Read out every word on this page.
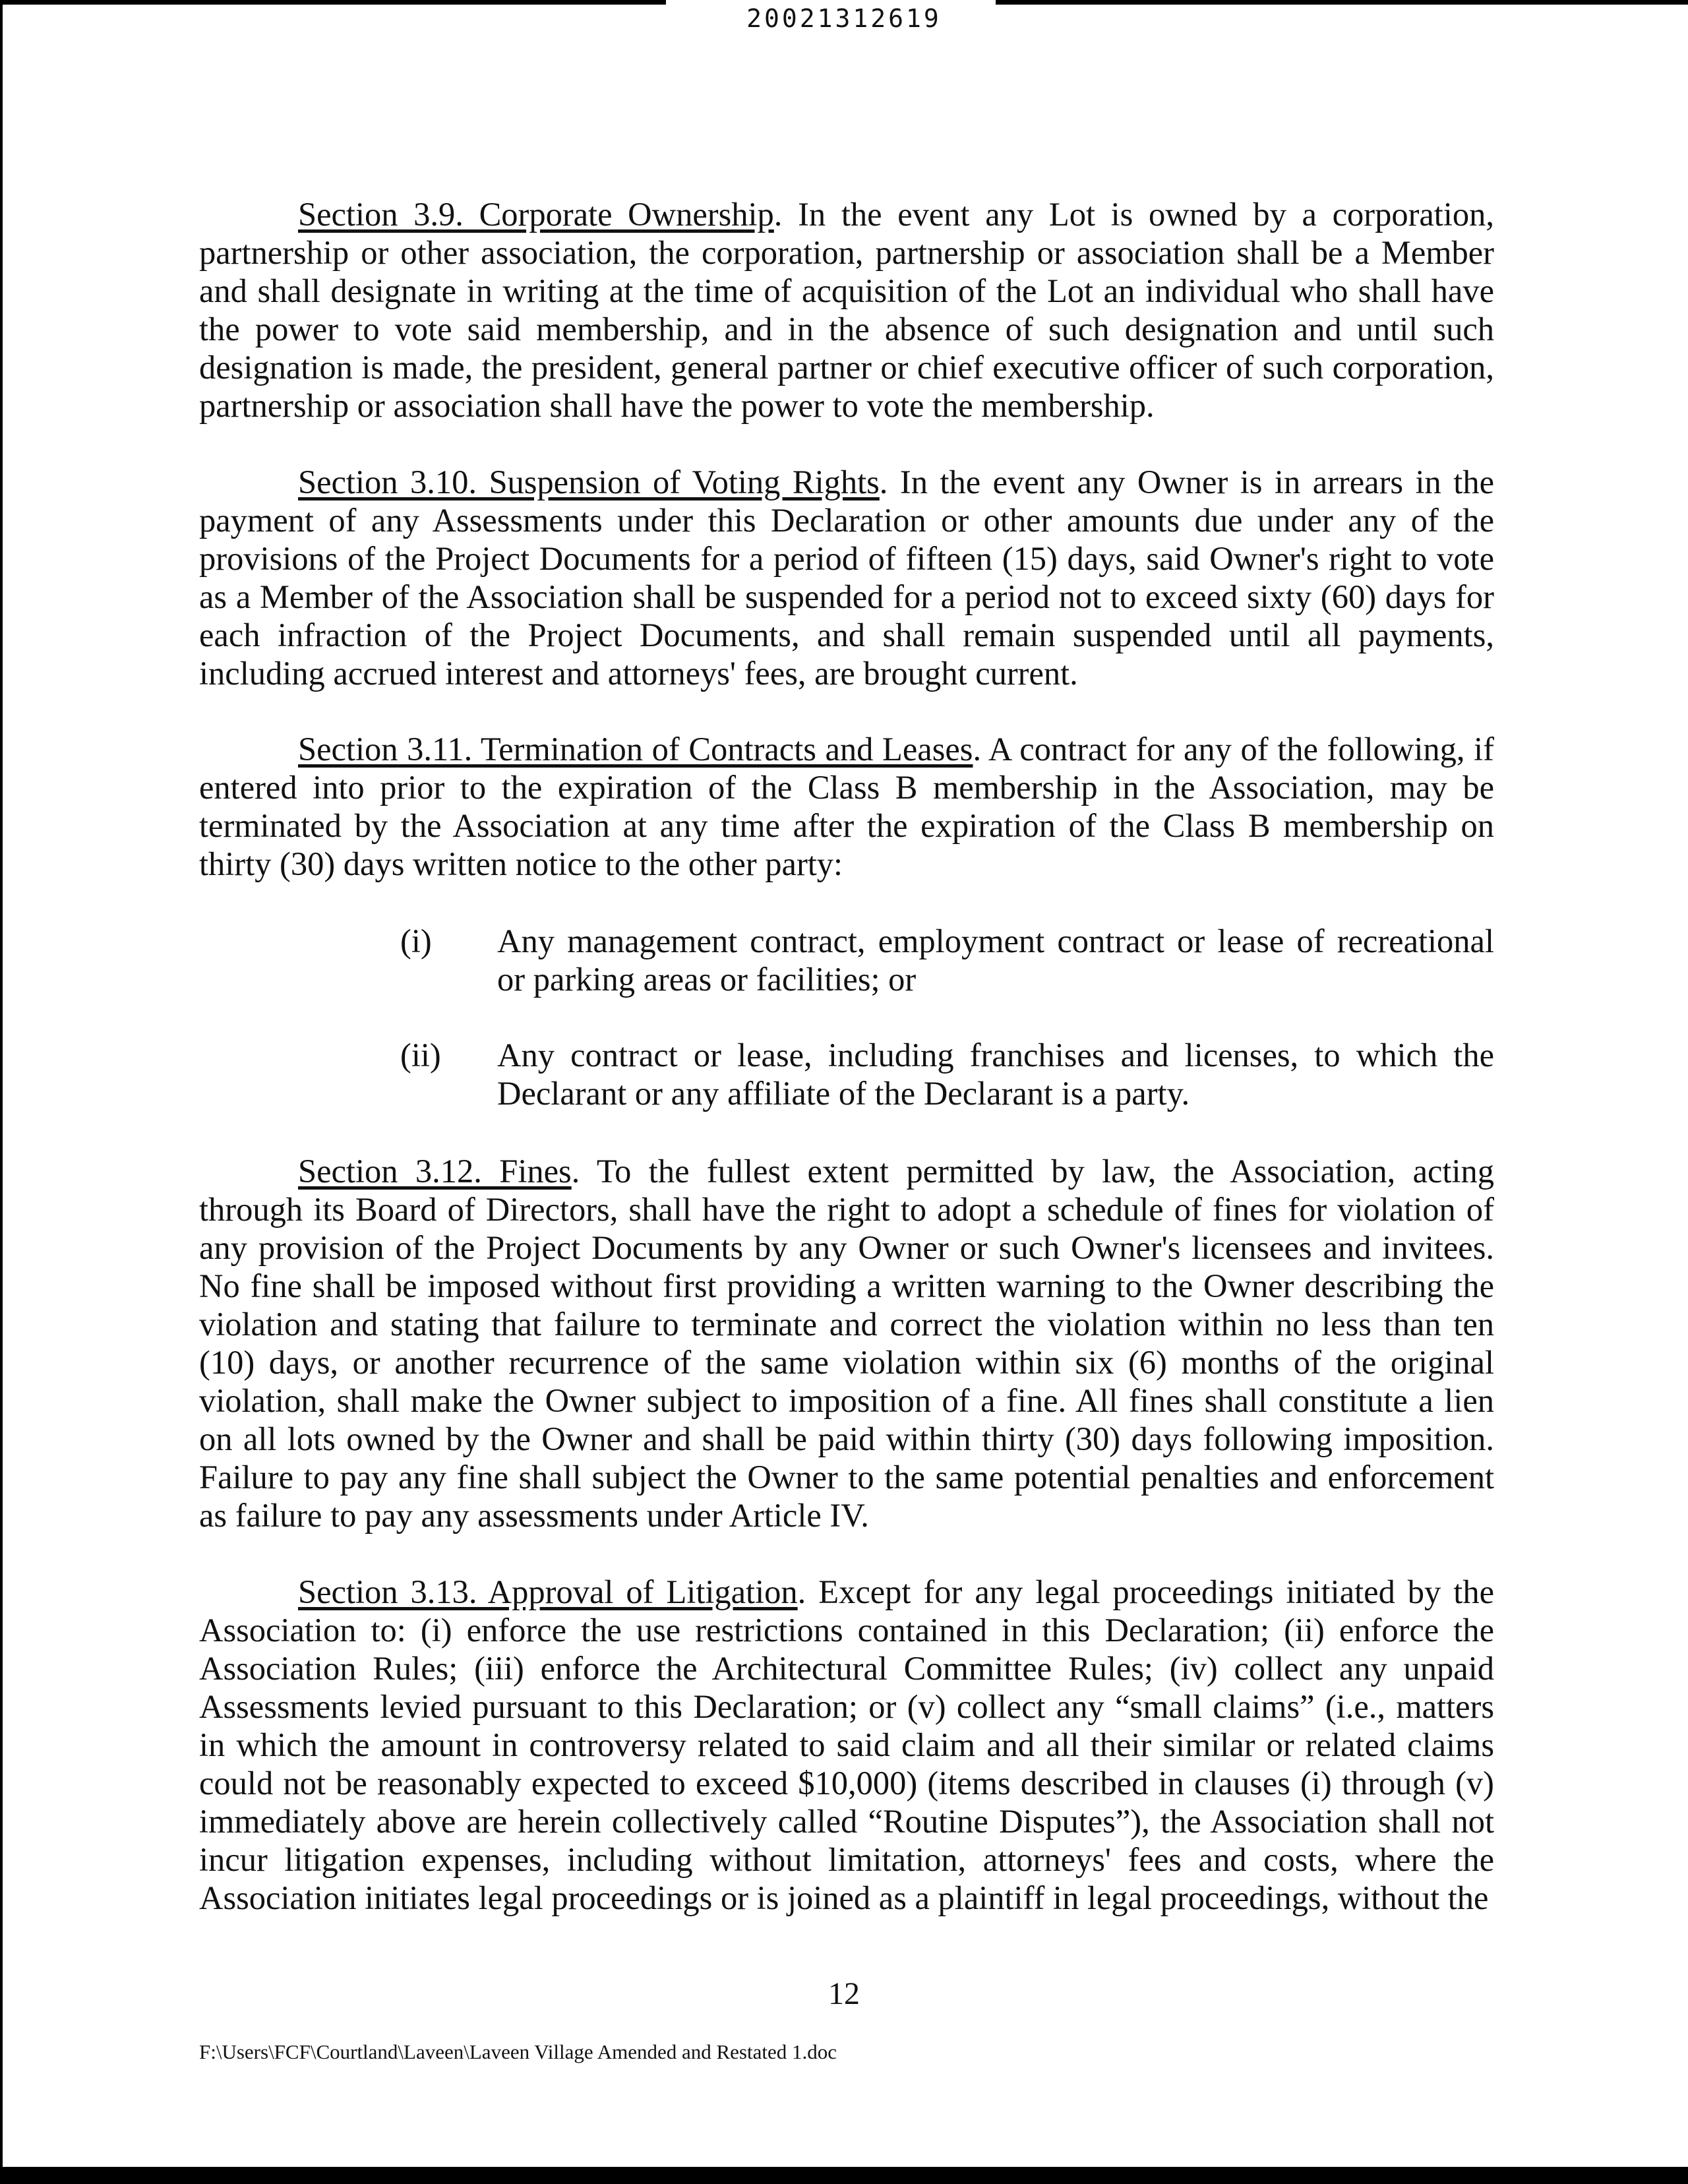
20021312619

Section 3.9. Corporate Ownership. In the event any Lot is owned by a corporation, partnership or other association, the corporation, partnership or association shall be a Member and shall designate in writing at the time of acquisition of the Lot an individual who shall have the power to vote said membership, and in the absence of such designation and until such designation is made, the president, general partner or chief executive officer of such corporation, partnership or association shall have the power to vote the membership.

Section 3.10. Suspension of Voting Rights. In the event any Owner is in arrears in the payment of any Assessments under this Declaration or other amounts due under any of the provisions of the Project Documents for a period of fifteen (15) days, said Owner's right to vote as a Member of the Association shall be suspended for a period not to exceed sixty (60) days for each infraction of the Project Documents, and shall remain suspended until all payments, including accrued interest and attorneys' fees, are brought current.

Section 3.11. Termination of Contracts and Leases. A contract for any of the following, if entered into prior to the expiration of the Class B membership in the Association, may be terminated by the Association at any time after the expiration of the Class B membership on thirty (30) days written notice to the other party:

(i) Any management contract, employment contract or lease of recreational or parking areas or facilities; or

(ii) Any contract or lease, including franchises and licenses, to which the Declarant or any affiliate of the Declarant is a party.

Section 3.12. Fines. To the fullest extent permitted by law, the Association, acting through its Board of Directors, shall have the right to adopt a schedule of fines for violation of any provision of the Project Documents by any Owner or such Owner's licensees and invitees. No fine shall be imposed without first providing a written warning to the Owner describing the violation and stating that failure to terminate and correct the violation within no less than ten (10) days, or another recurrence of the same violation within six (6) months of the original violation, shall make the Owner subject to imposition of a fine. All fines shall constitute a lien on all lots owned by the Owner and shall be paid within thirty (30) days following imposition. Failure to pay any fine shall subject the Owner to the same potential penalties and enforcement as failure to pay any assessments under Article IV.

Section 3.13. Approval of Litigation. Except for any legal proceedings initiated by the Association to: (i) enforce the use restrictions contained in this Declaration; (ii) enforce the Association Rules; (iii) enforce the Architectural Committee Rules; (iv) collect any unpaid Assessments levied pursuant to this Declaration; or (v) collect any “small claims” (i.e., matters in which the amount in controversy related to said claim and all their similar or related claims could not be reasonably expected to exceed $10,000) (items described in clauses (i) through (v) immediately above are herein collectively called “Routine Disputes”), the Association shall not incur litigation expenses, including without limitation, attorneys' fees and costs, where the Association initiates legal proceedings or is joined as a plaintiff in legal proceedings, without the

12
F:\Users\FCF\Courtland\Laveen\Laveen Village Amended and Restated 1.doc
